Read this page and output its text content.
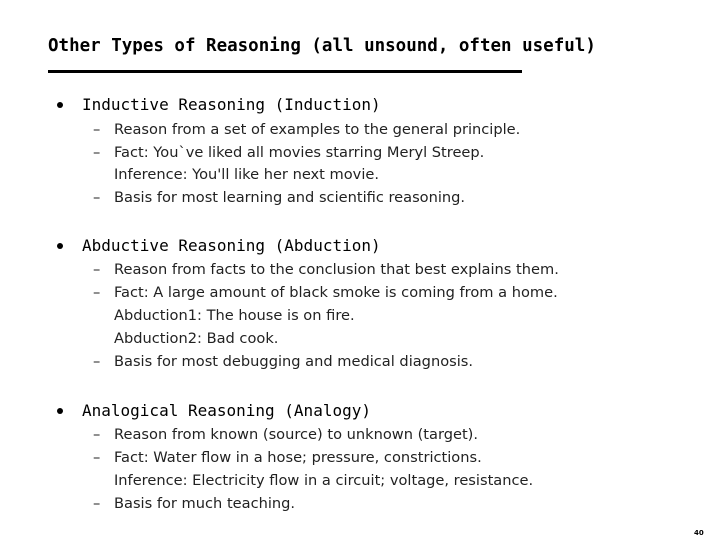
Other Types of Reasoning (all unsound, often useful)
Inductive Reasoning (Induction)
– Reason from a set of examples to the general principle.
– Fact: You`ve liked all movies starring Meryl Streep.
Inference: You'll like her next movie.
– Basis for most learning and scientific reasoning.
Abductive Reasoning (Abduction)
– Reason from facts to the conclusion that best explains them.
– Fact: A large amount of black smoke is coming from a home.
Abduction1: The house is on fire.
Abduction2: Bad cook.
– Basis for most debugging and medical diagnosis.
Analogical Reasoning (Analogy)
– Reason from known (source) to unknown (target).
– Fact: Water flow in a hose; pressure, constrictions.
Inference: Electricity flow in a circuit; voltage, resistance.
– Basis for much teaching.
40
